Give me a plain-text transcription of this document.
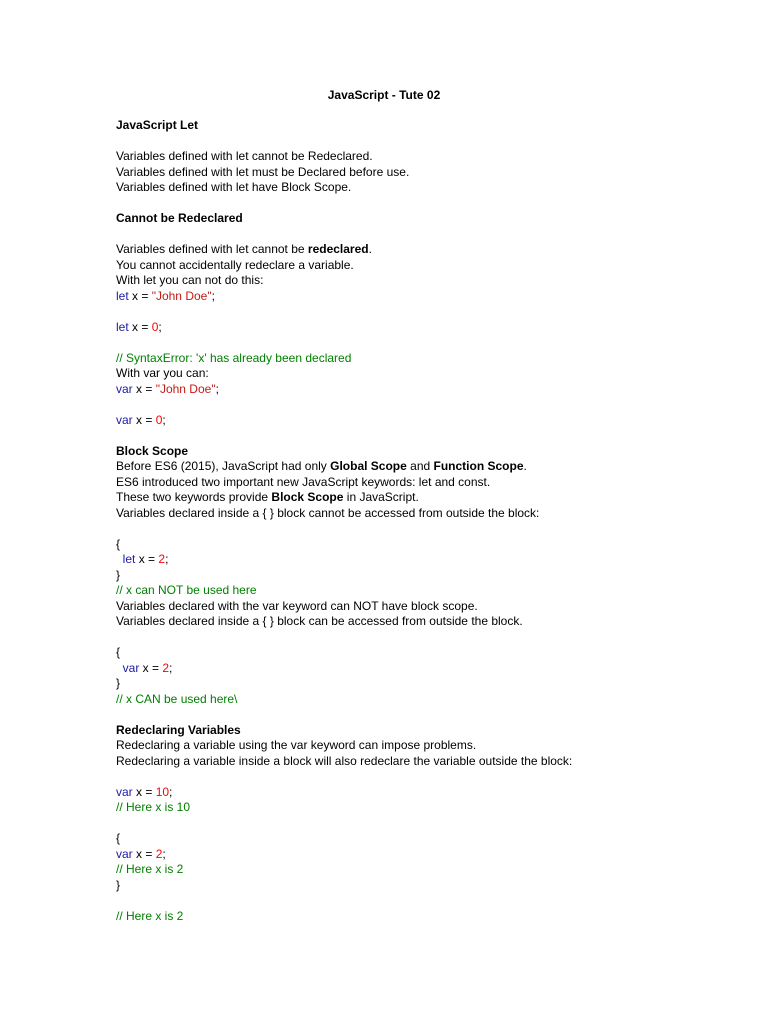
JavaScript - Tute 02
JavaScript Let
Variables defined with let cannot be Redeclared.
Variables defined with let must be Declared before use.
Variables defined with let have Block Scope.
Cannot be Redeclared
Variables defined with let cannot be redeclared.
You cannot accidentally redeclare a variable.
With let you can not do this:
let x = "John Doe";
let x = 0;
// SyntaxError: 'x' has already been declared
With var you can:
var x = "John Doe";
var x = 0;
Block Scope
Before ES6 (2015), JavaScript had only Global Scope and Function Scope.
ES6 introduced two important new JavaScript keywords: let and const.
These two keywords provide Block Scope in JavaScript.
Variables declared inside a { } block cannot be accessed from outside the block:
{
let x = 2;
}
// x can NOT be used here
Variables declared with the var keyword can NOT have block scope.
Variables declared inside a { } block can be accessed from outside the block.
{
var x = 2;
}
// x CAN be used here\
Redeclaring Variables
Redeclaring a variable using the var keyword can impose problems.
Redeclaring a variable inside a block will also redeclare the variable outside the block:
var x = 10;
// Here x is 10
{
var x = 2;
// Here x is 2
}
// Here x is 2
